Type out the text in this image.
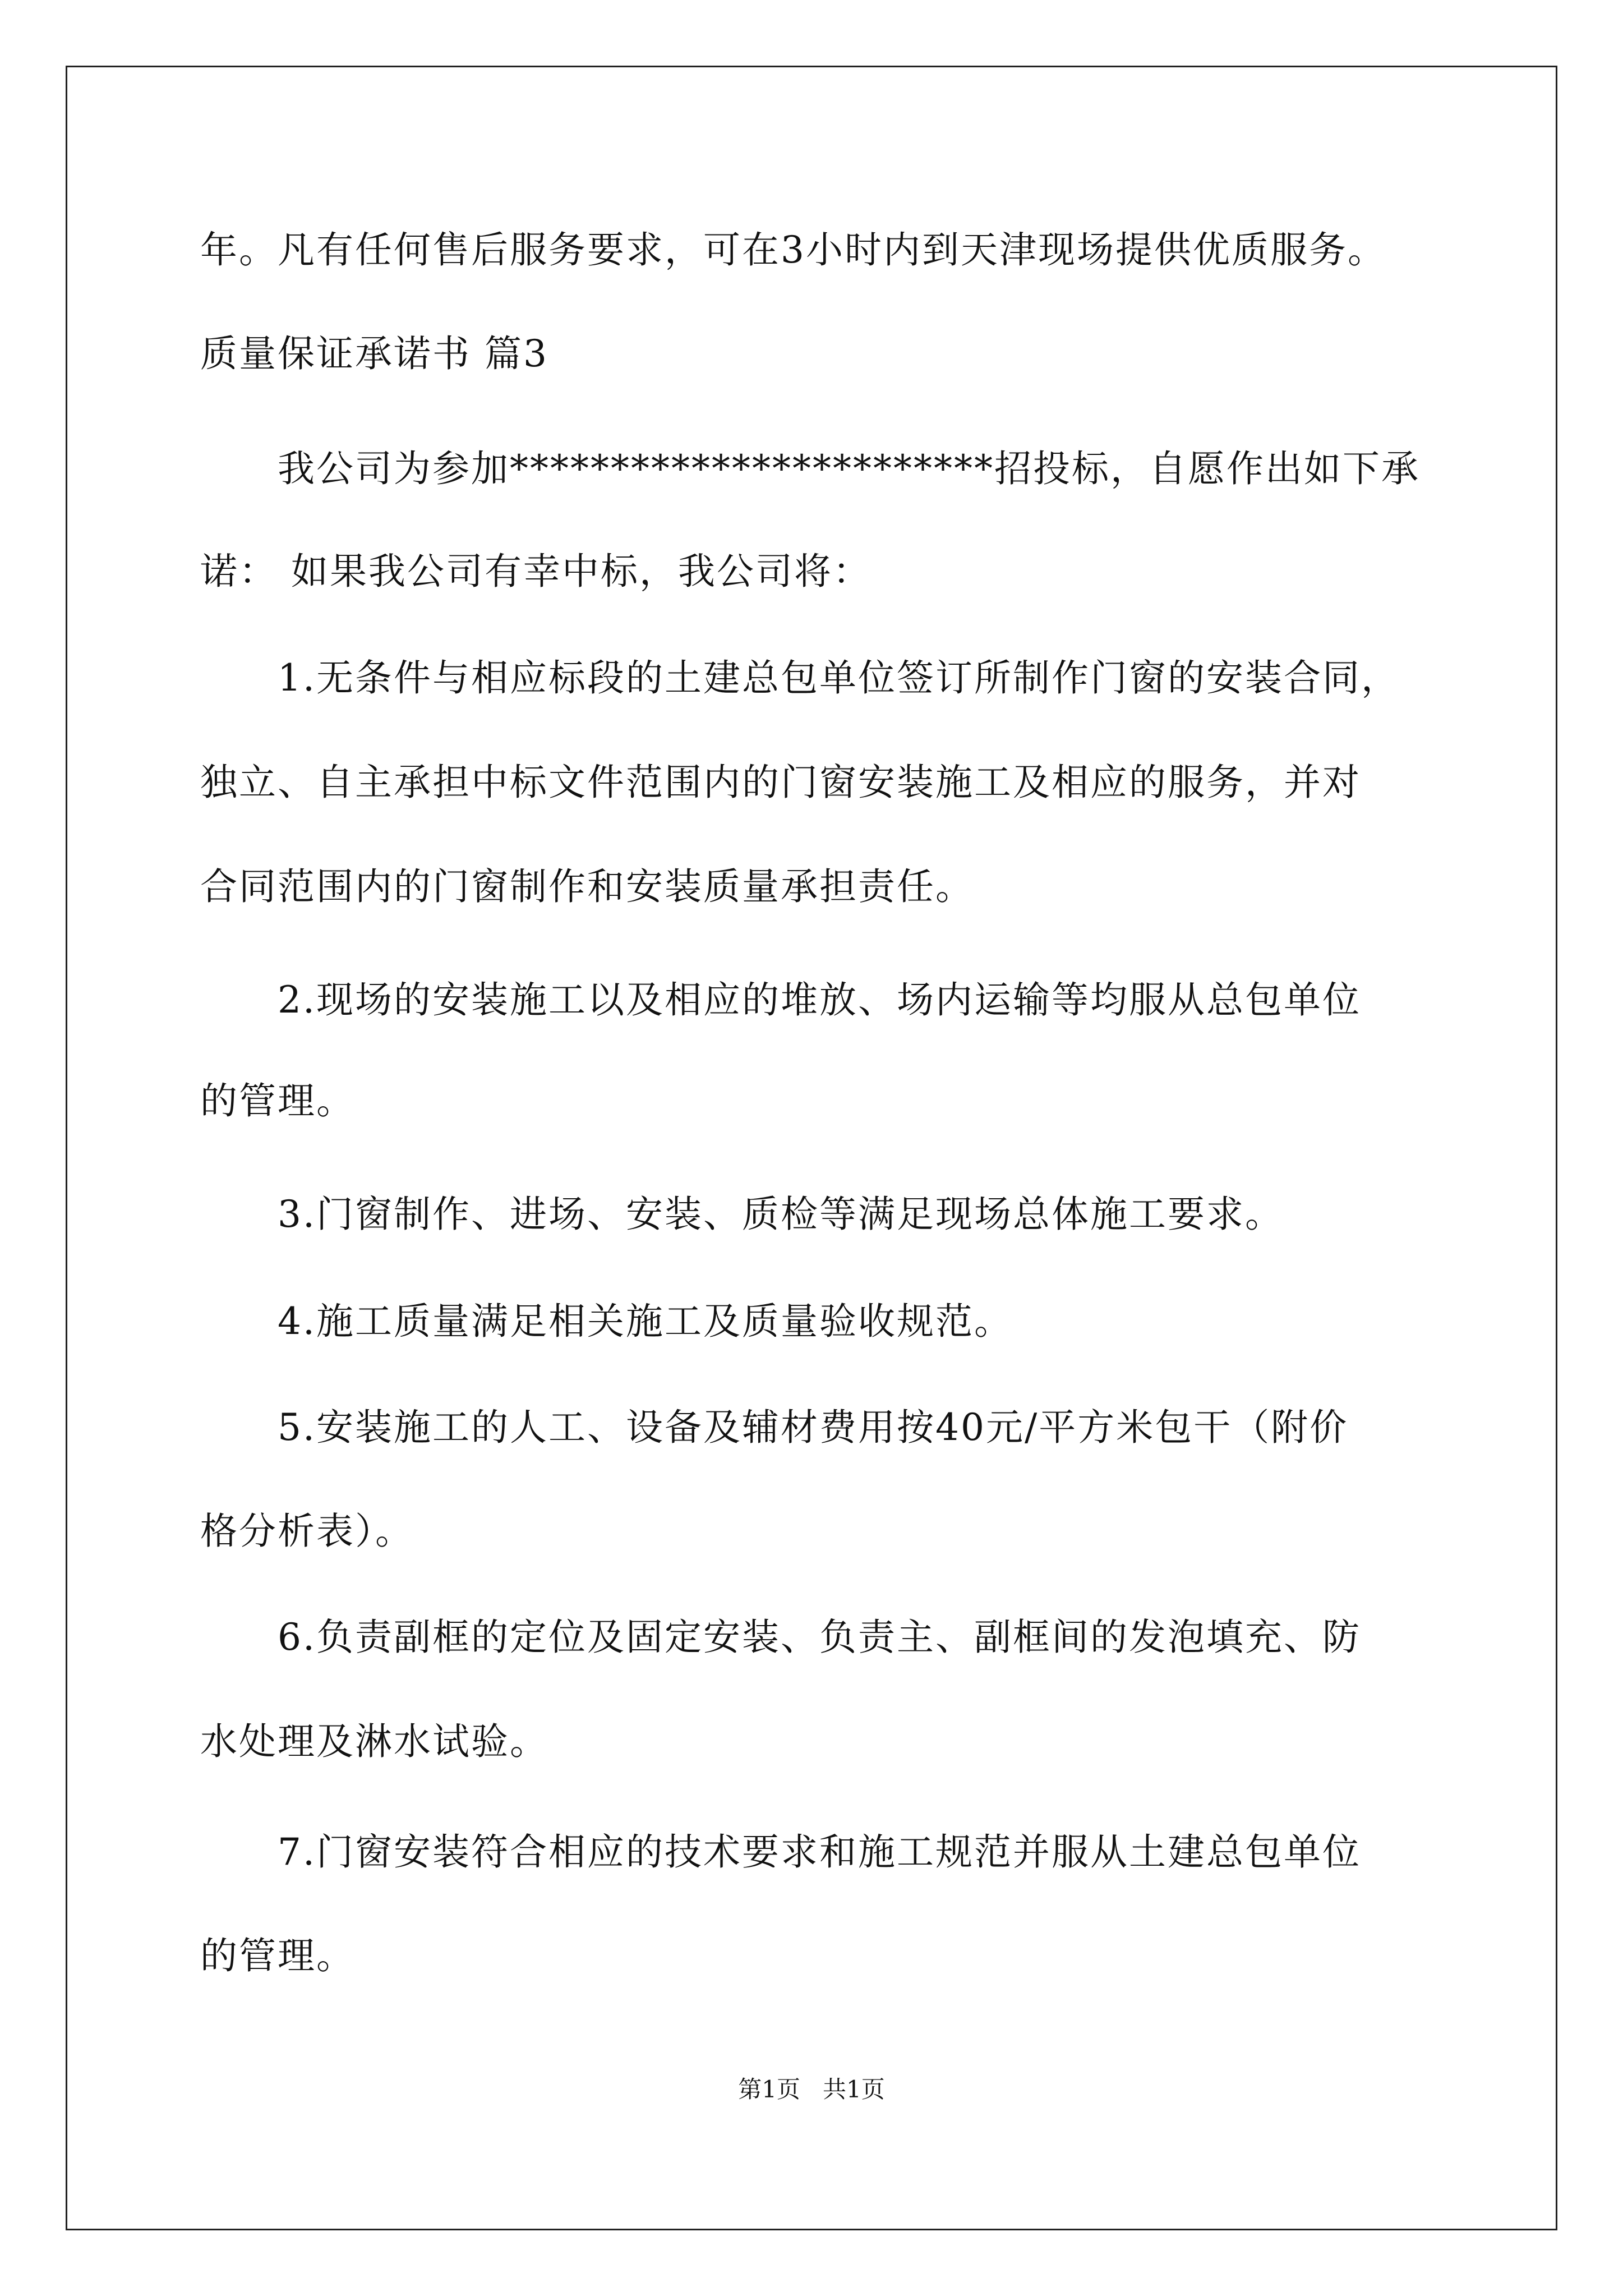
年。凡有任何售后服务要求，可在3小时内到天津现场提供优质服务。
质量保证承诺书 篇3
我公司为参加************************招投标，自愿作出如下承
诺： 如果我公司有幸中标，我公司将：
1.无条件与相应标段的土建总包单位签订所制作门窗的安装合同，
独立、自主承担中标文件范围内的门窗安装施工及相应的服务，并对
合同范围内的门窗制作和安装质量承担责任。
2.现场的安装施工以及相应的堆放、场内运输等均服从总包单位
的管理。
3.门窗制作、进场、安装、质检等满足现场总体施工要求。
4.施工质量满足相关施工及质量验收规范。
5.安装施工的人工、设备及辅材费用按40元/平方米包干（附价
格分析表）。
6.负责副框的定位及固定安装、负责主、副框间的发泡填充、防
水处理及淋水试验。
7.门窗安装符合相应的技术要求和施工规范并服从土建总包单位
的管理。
第1页   共1页
